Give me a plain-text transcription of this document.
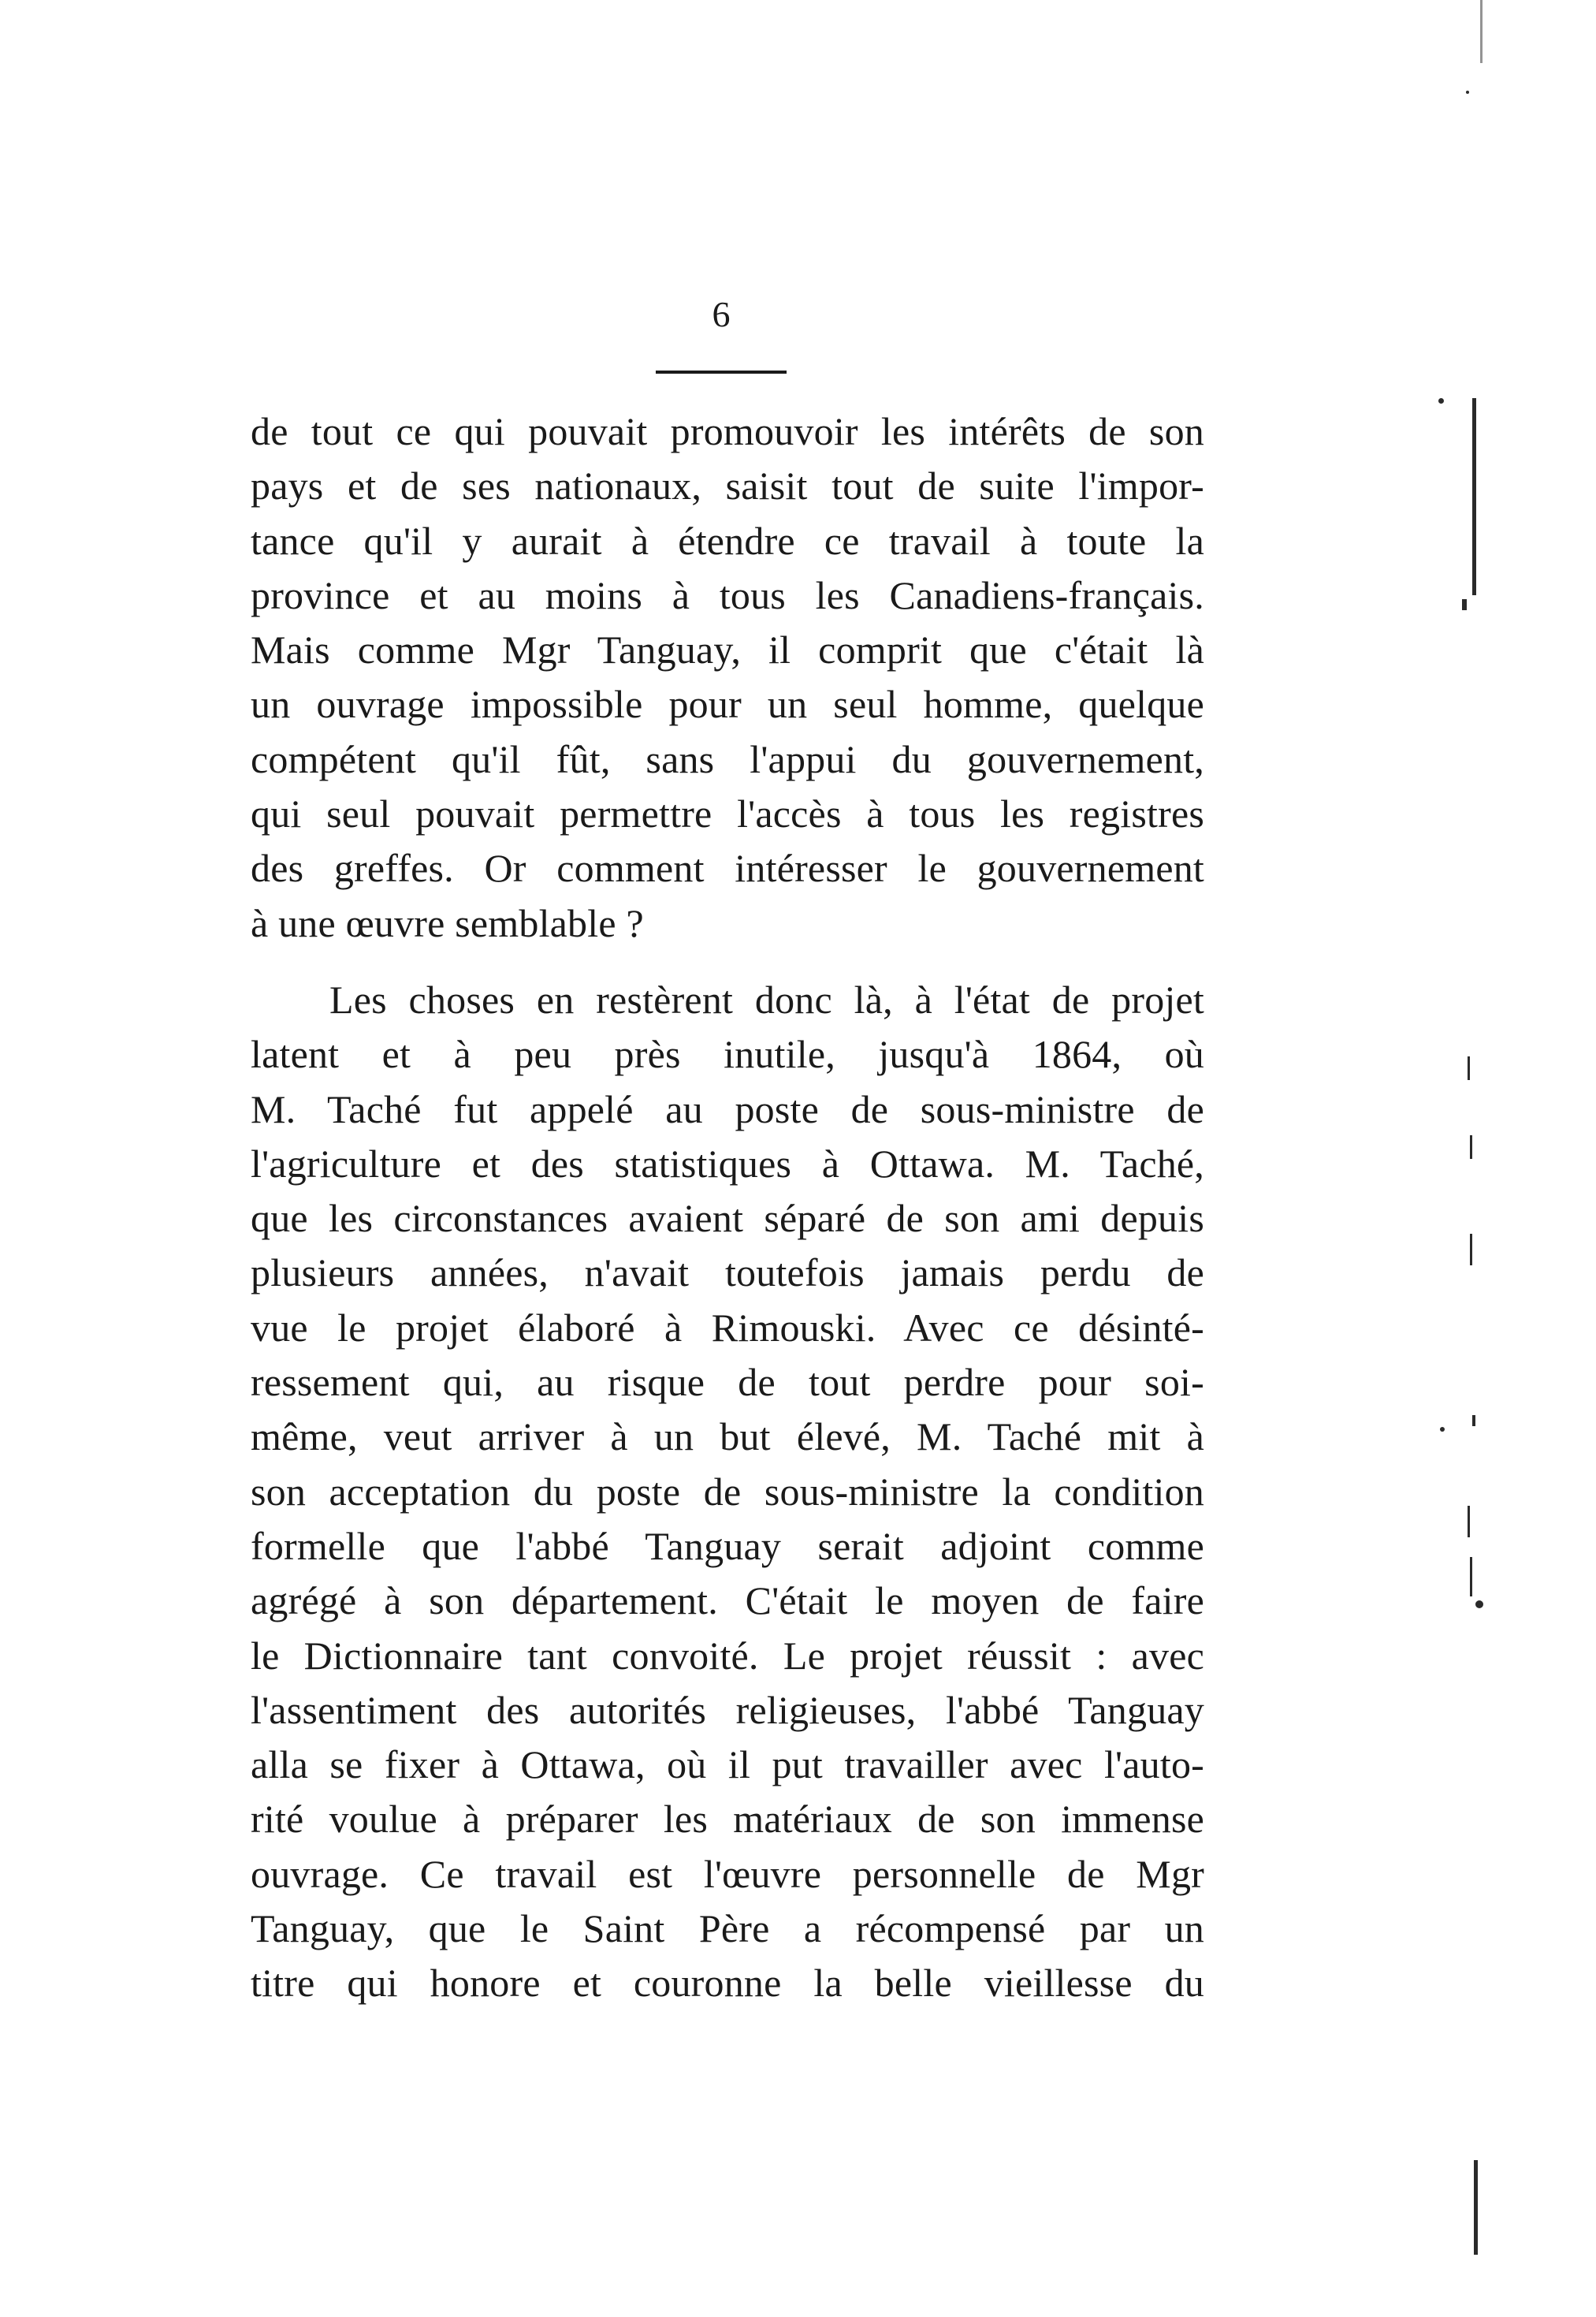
6
de tout ce qui pouvait promouvoir les intérêts de son
pays et de ses nationaux, saisit tout de suite l'impor-
tance qu'il y aurait à étendre ce travail à toute la
province et au moins à tous les Canadiens-français.
Mais comme Mgr Tanguay, il comprit que c'était là
un ouvrage impossible pour un seul homme, quelque
compétent qu'il fût, sans l'appui du gouvernement,
qui seul pouvait permettre l'accès à tous les registres
des greffes. Or comment intéresser le gouvernement
à une œuvre semblable ?
Les choses en restèrent donc là, à l'état de projet
latent et à peu près inutile, jusqu'à 1864, où
M. Taché fut appelé au poste de sous-ministre de
l'agriculture et des statistiques à Ottawa. M. Taché,
que les circonstances avaient séparé de son ami depuis
plusieurs années, n'avait toutefois jamais perdu de
vue le projet élaboré à Rimouski. Avec ce désinté-
ressement qui, au risque de tout perdre pour soi-
même, veut arriver à un but élevé, M. Taché mit à
son acceptation du poste de sous-ministre la condition
formelle que l'abbé Tanguay serait adjoint comme
agrégé à son département. C'était le moyen de faire
le Dictionnaire tant convoité. Le projet réussit : avec
l'assentiment des autorités religieuses, l'abbé Tanguay
alla se fixer à Ottawa, où il put travailler avec l'auto-
rité voulue à préparer les matériaux de son immense
ouvrage. Ce travail est l'œuvre personnelle de Mgr
Tanguay, que le Saint Père a récompensé par un
titre qui honore et couronne la belle vieillesse du
